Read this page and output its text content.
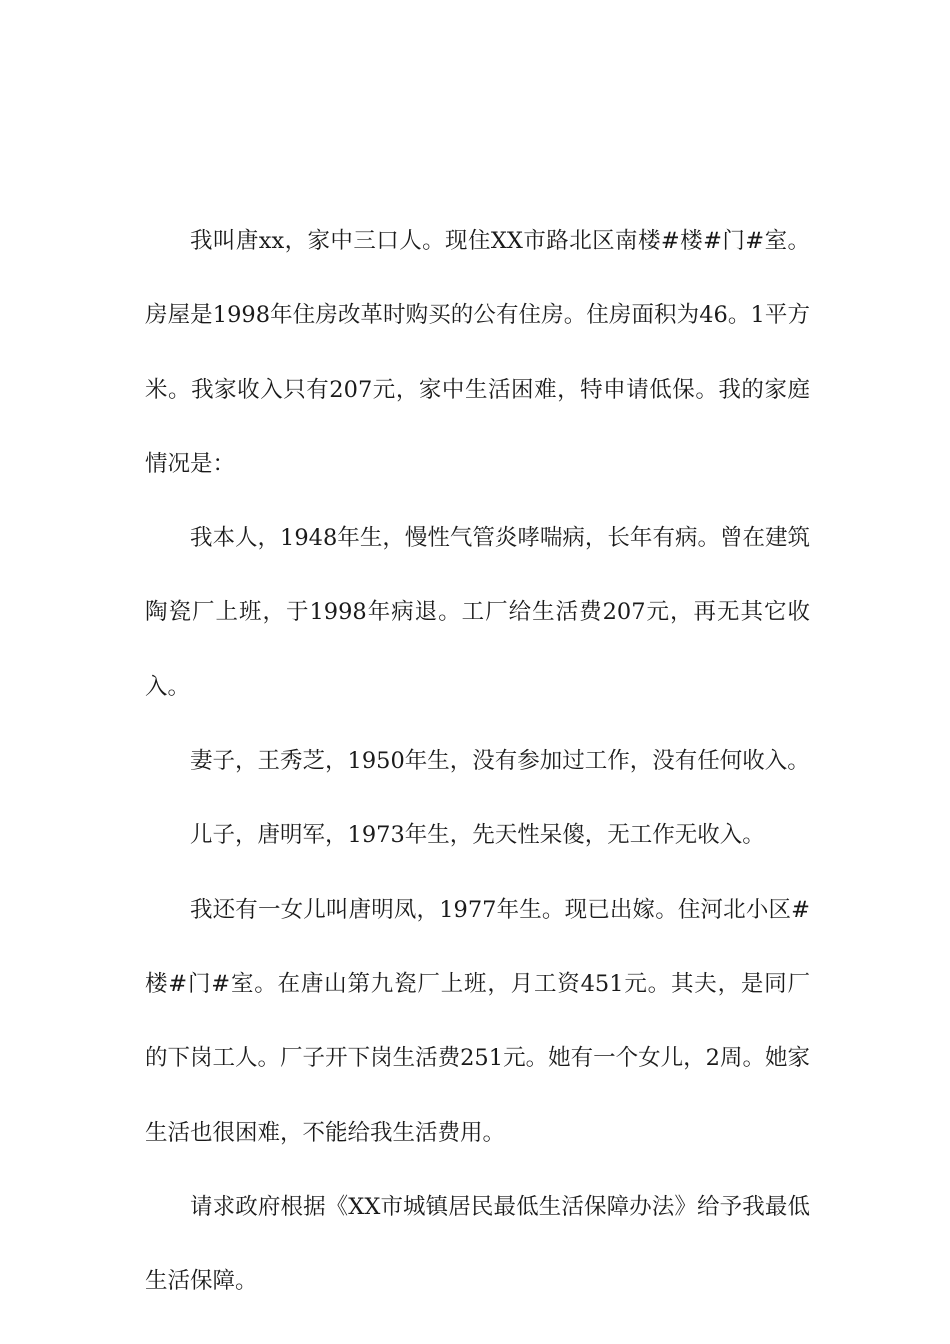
我叫唐xx，家中三口人。现住XX市路北区南楼#楼#门#室。房屋是1998年住房改革时购买的公有住房。住房面积为46。1平方米。我家收入只有207元，家中生活困难，特申请低保。我的家庭情况是：

我本人，1948年生，慢性气管炎哮喘病，长年有病。曾在建筑陶瓷厂上班，于1998年病退。工厂给生活费207元，再无其它收入。

妻子，王秀芝，1950年生，没有参加过工作，没有任何收入。

儿子，唐明军，1973年生，先天性呆傻，无工作无收入。

我还有一女儿叫唐明凤，1977年生。现已出嫁。住河北小区#楼#门#室。在唐山第九瓷厂上班，月工资451元。其夫，是同厂的下岗工人。厂子开下岗生活费251元。她有一个女儿，2周。她家生活也很困难，不能给我生活费用。

请求政府根据《XX市城镇居民最低生活保障办法》给予我最低生活保障。
